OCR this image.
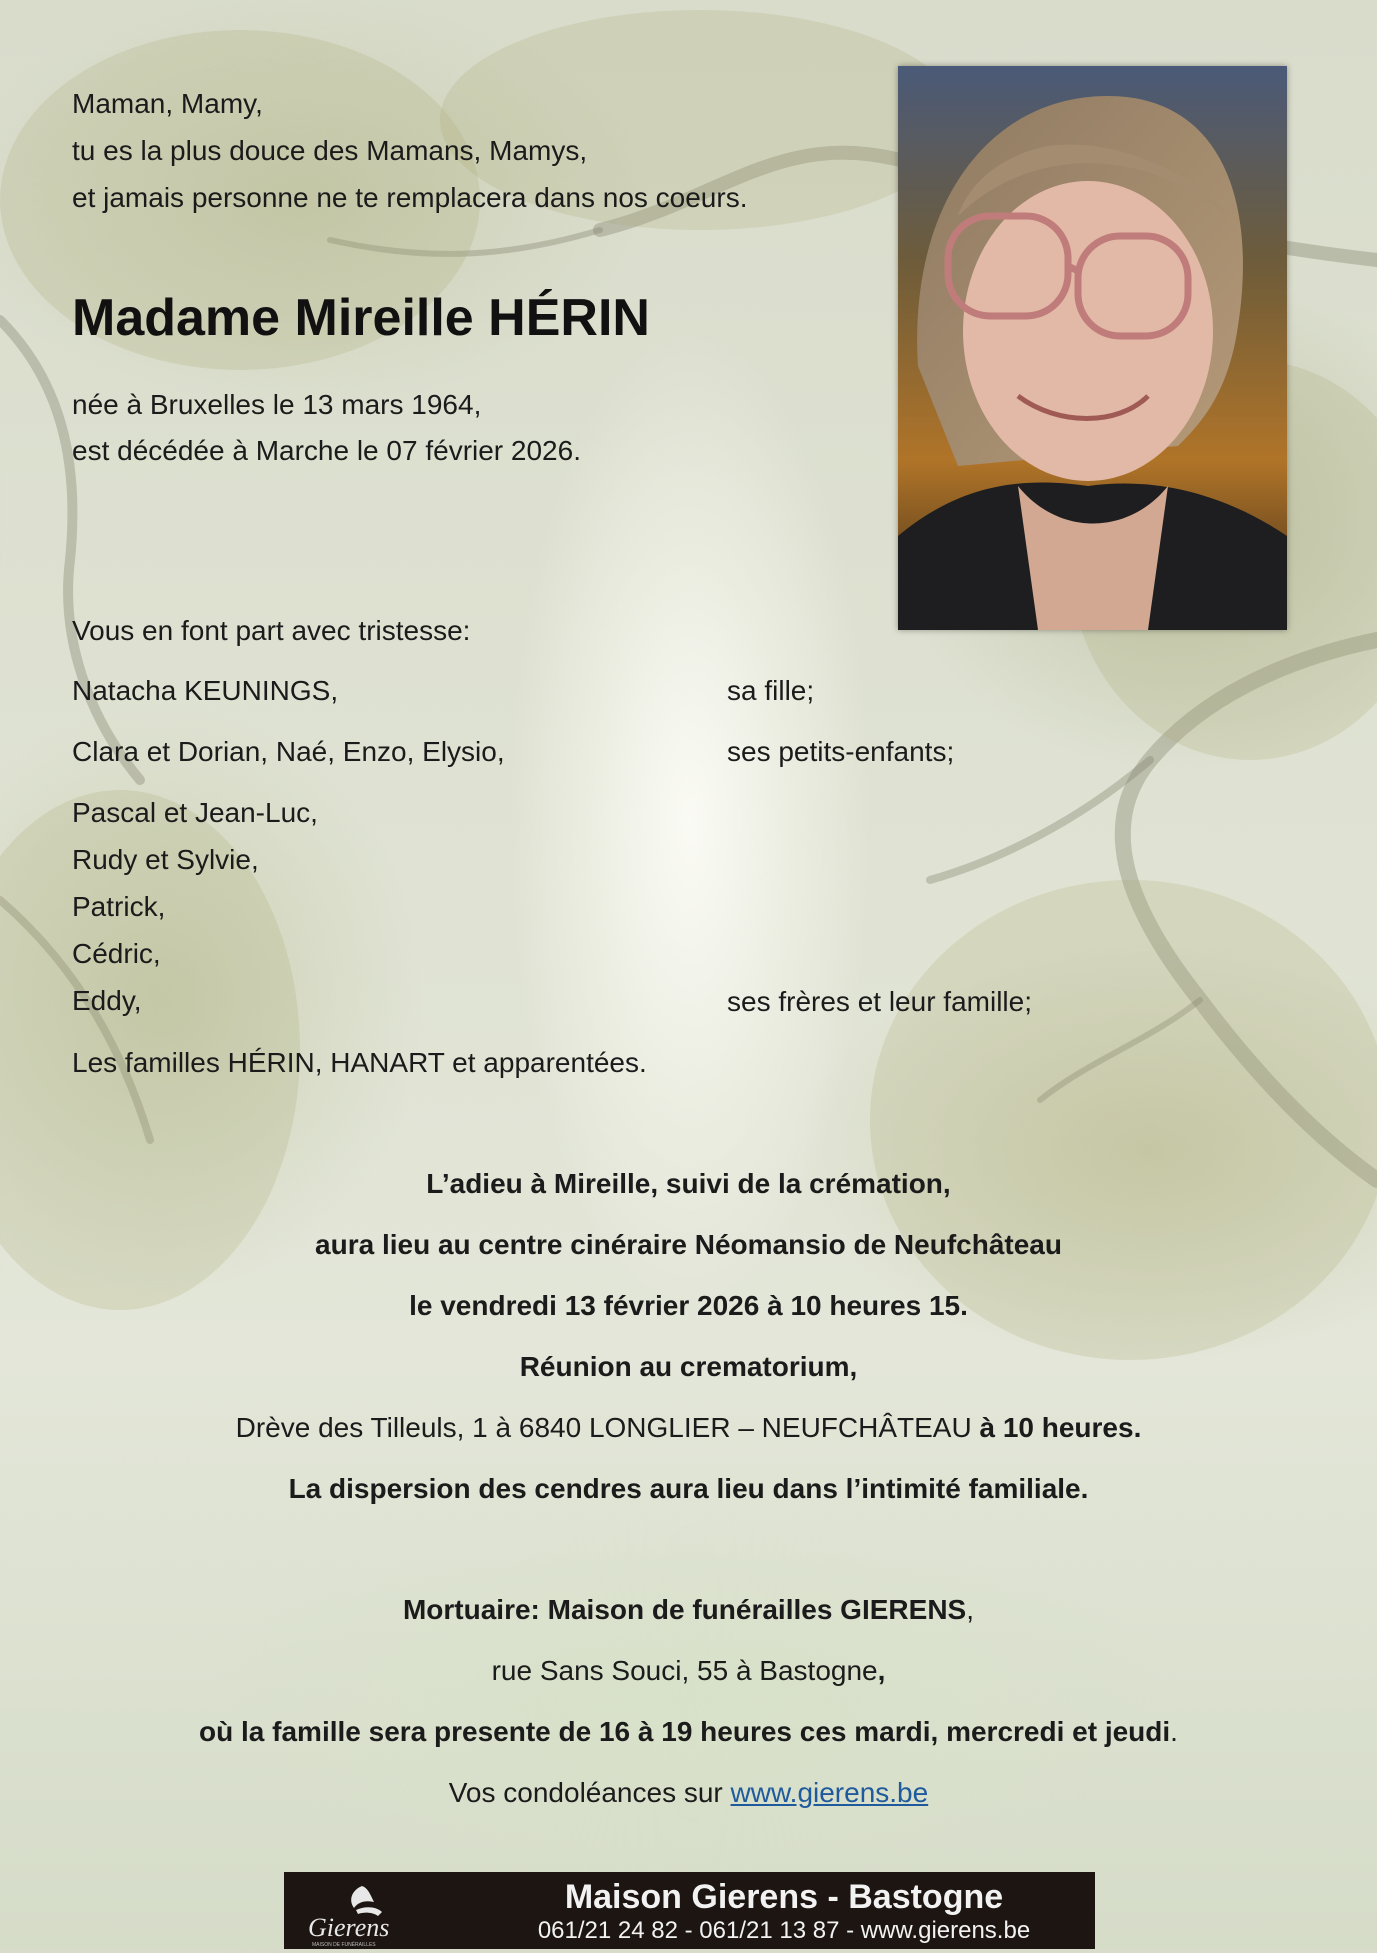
Maman, Mamy,
tu es la plus douce des Mamans, Mamys,
et jamais personne ne te remplacera dans nos coeurs.
Madame Mireille HÉRIN
née à Bruxelles le 13 mars 1964,
est décédée à Marche le 07 février 2026.
Vous en font part avec tristesse:
Natacha KEUNINGS,	sa fille;
Clara et Dorian, Naé, Enzo, Elysio,	ses petits-enfants;
Pascal et Jean-Luc,
Rudy et Sylvie,
Patrick,
Cédric,
Eddy,	ses frères et leur famille;
Les familles HÉRIN, HANART et apparentées.
L’adieu à Mireille, suivi de la crémation,
aura lieu au centre cinéraire Néomansio de Neufchâteau
le vendredi 13 février 2026 à 10 heures 15.
Réunion au crematorium,
Drève des Tilleuls, 1 à 6840 LONGLIER – NEUFCHÂTEAU à 10 heures.
La dispersion des cendres aura lieu dans l’intimité familiale.
Mortuaire: Maison de funérailles GIERENS,
rue Sans Souci, 55 à Bastogne,
où la famille sera presente de 16 à 19 heures ces mardi, mercredi et jeudi.
Vos condoléances sur www.gierens.be
Gierens
MAISON DE FUNÉRAILLES
Maison Gierens - Bastogne
061/21 24 82 - 061/21 13 87 - www.gierens.be
